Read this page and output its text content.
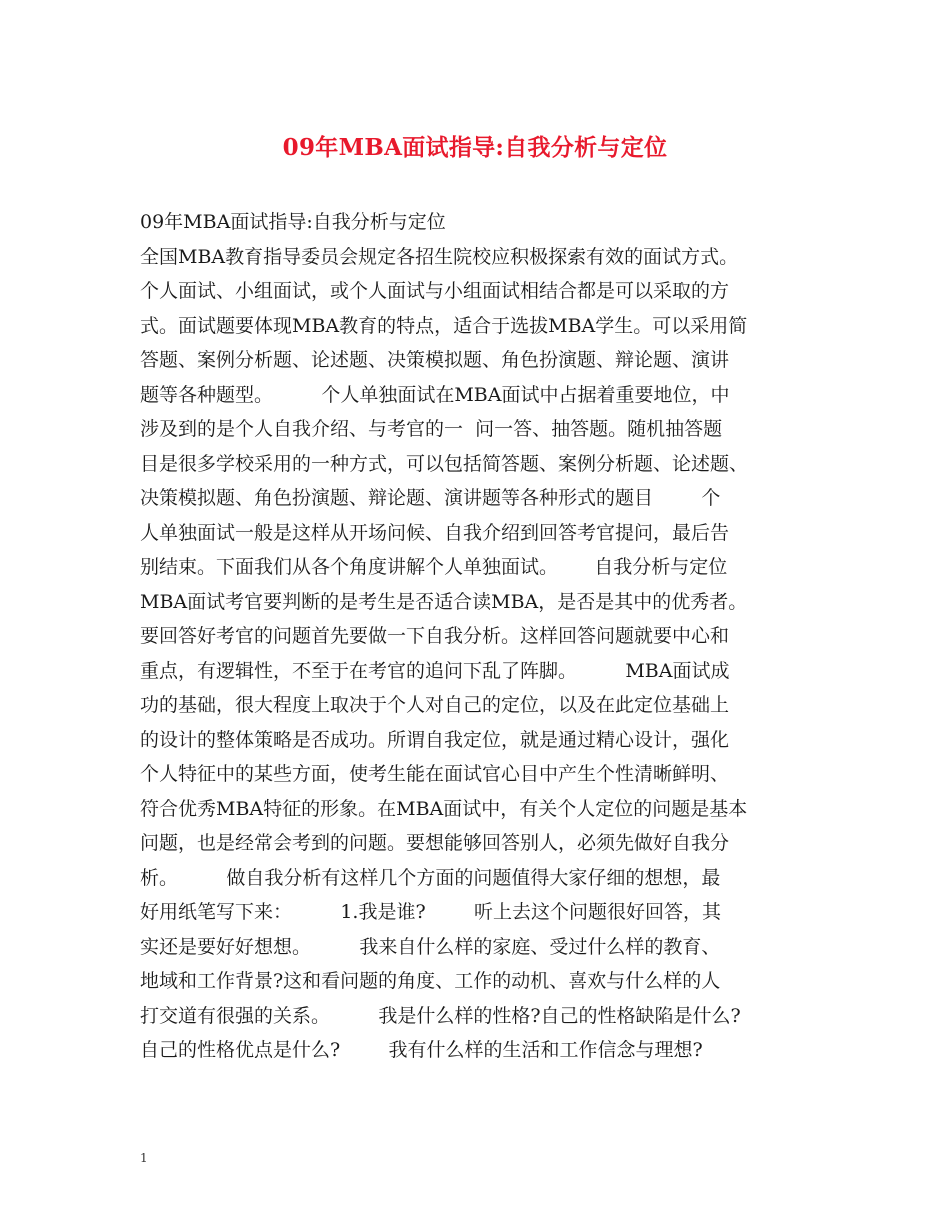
09年MBA面试指导:自我分析与定位
09年MBA面试指导:自我分析与定位
全国MBA教育指导委员会规定各招生院校应积极探索有效的面试方式。
个人面试、小组面试，或个人面试与小组面试相结合都是可以采取的方
式。面试题要体现MBA教育的特点，适合于选拔MBA学生。可以采用简
答题、案例分析题、论述题、决策模拟题、角色扮演题、辩论题、演讲
题等各种题型。        个人单独面试在MBA面试中占据着重要地位，中
涉及到的是个人自我介绍、与考官的一  问一答、抽答题。随机抽答题
目是很多学校采用的一种方式，可以包括简答题、案例分析题、论述题、
决策模拟题、角色扮演题、辩论题、演讲题等各种形式的题目        个
人单独面试一般是这样从开场问候、自我介绍到回答考官提问，最后告
别结束。下面我们从各个角度讲解个人单独面试。      自我分析与定位
MBA面试考官要判断的是考生是否适合读MBA，是否是其中的优秀者。
要回答好考官的问题首先要做一下自我分析。这样回答问题就要中心和
重点，有逻辑性，不至于在考官的追问下乱了阵脚。        MBA面试成
功的基础，很大程度上取决于个人对自己的定位，以及在此定位基础上
的设计的整体策略是否成功。所谓自我定位，就是通过精心设计，强化
个人特征中的某些方面，使考生能在面试官心目中产生个性清晰鲜明、
符合优秀MBA特征的形象。在MBA面试中，有关个人定位的问题是基本
问题，也是经常会考到的问题。要想能够回答别人，必须先做好自我分
析。        做自我分析有这样几个方面的问题值得大家仔细的想想，最
好用纸笔写下来：        1.我是谁?        听上去这个问题很好回答，其
实还是要好好想想。        我来自什么样的家庭、受过什么样的教育、
地域和工作背景?这和看问题的角度、工作的动机、喜欢与什么样的人
打交道有很强的关系。        我是什么样的性格?自己的性格缺陷是什么?
自己的性格优点是什么?        我有什么样的生活和工作信念与理想?
1
